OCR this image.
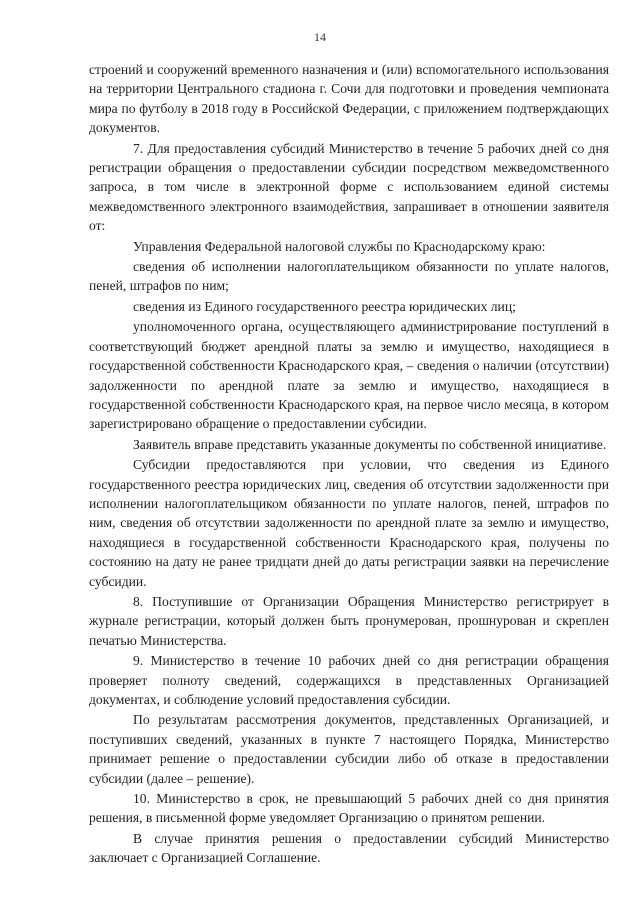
14

строений и сооружений временного назначения и (или) вспомогательного использования на территории Центрального стадиона г. Сочи для подготовки и проведения чемпионата мира по футболу в 2018 году в Российской Федерации, с приложением подтверждающих документов.

7. Для предоставления субсидий Министерство в течение 5 рабочих дней со дня регистрации обращения о предоставлении субсидии посредством межведомственного запроса, в том числе в электронной форме с использованием единой системы межведомственного электронного взаимодействия, запрашивает в отношении заявителя от:

Управления Федеральной налоговой службы по Краснодарскому краю:

сведения об исполнении налогоплательщиком обязанности по уплате налогов, пеней, штрафов по ним;

сведения из Единого государственного реестра юридических лиц;

уполномоченного органа, осуществляющего администрирование поступлений в соответствующий бюджет арендной платы за землю и имущество, находящиеся в государственной собственности Краснодарского края, – сведения о наличии (отсутствии) задолженности по арендной плате за землю и имущество, находящиеся в государственной собственности Краснодарского края, на первое число месяца, в котором зарегистрировано обращение о предоставлении субсидии.

Заявитель вправе представить указанные документы по собственной инициативе.

Субсидии предоставляются при условии, что сведения из Единого государственного реестра юридических лиц, сведения об отсутствии задолженности при исполнении налогоплательщиком обязанности по уплате налогов, пеней, штрафов по ним, сведения об отсутствии задолженности по арендной плате за землю и имущество, находящиеся в государственной собственности Краснодарского края, получены по состоянию на дату не ранее тридцати дней до даты регистрации заявки на перечисление субсидии.

8. Поступившие от Организации Обращения Министерство регистрирует в журнале регистрации, который должен быть пронумерован, прошнурован и скреплен печатью Министерства.

9. Министерство в течение 10 рабочих дней со дня регистрации обращения проверяет полноту сведений, содержащихся в представленных Организацией документах, и соблюдение условий предоставления субсидии.

По результатам рассмотрения документов, представленных Организацией, и поступивших сведений, указанных в пункте 7 настоящего Порядка, Министерство принимает решение о предоставлении субсидии либо об отказе в предоставлении субсидии (далее – решение).

10. Министерство в срок, не превышающий 5 рабочих дней со дня принятия решения, в письменной форме уведомляет Организацию о принятом решении.

В случае принятия решения о предоставлении субсидий Министерство заключает с Организацией Соглашение.
